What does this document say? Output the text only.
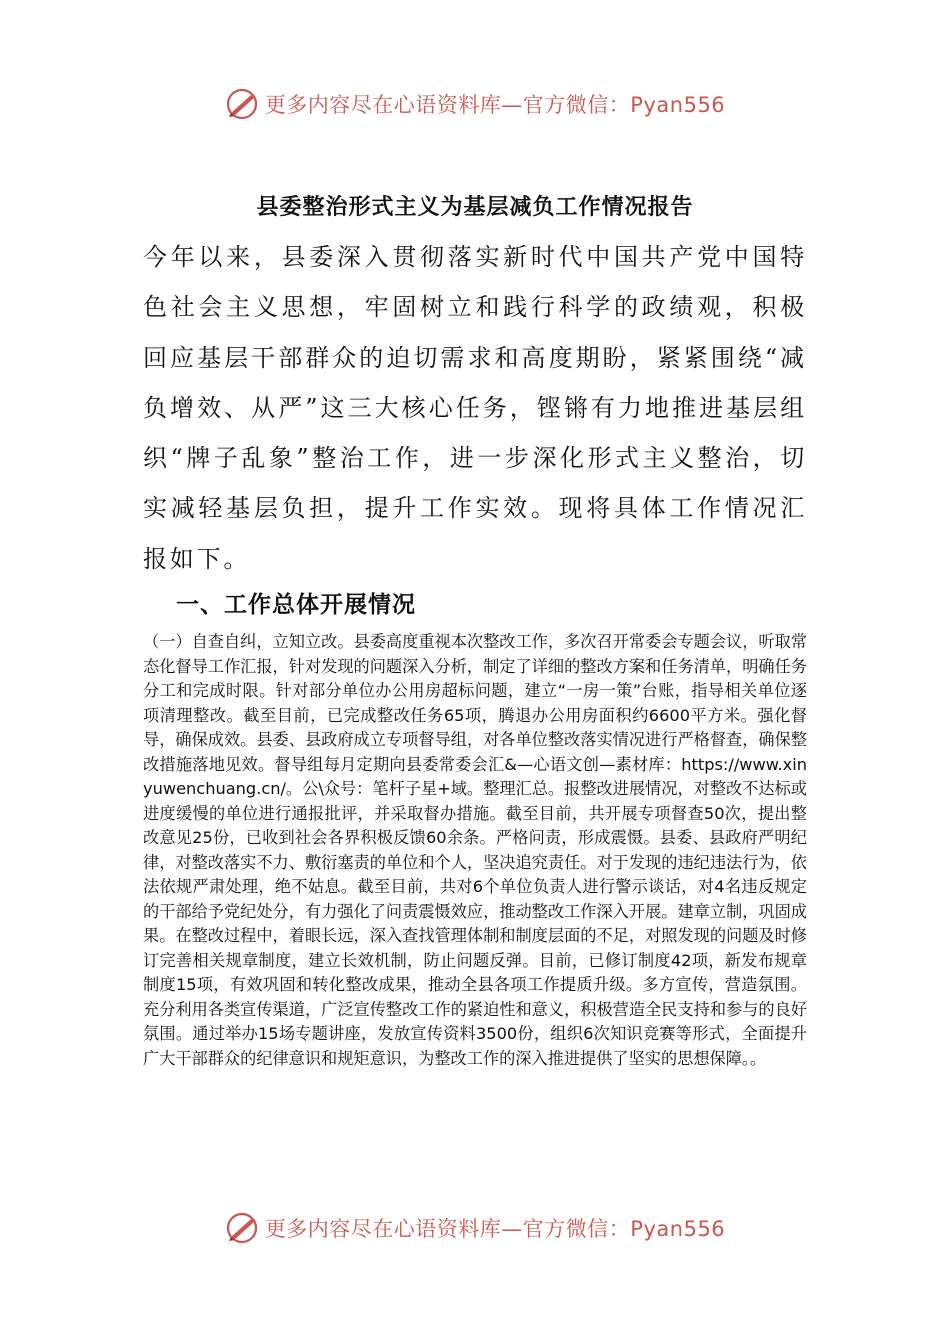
更多内容尽在心语资料库—官方微信：Pyan556
县委整治形式主义为基层减负工作情况报告

今年以来，县委深入贯彻落实新时代中国共产党中国特色社会主义思想，牢固树立和践行科学的政绩观，积极回应基层干部群众的迫切需求和高度期盼，紧紧围绕“减负增效、从严”这三大核心任务，铿锵有力地推进基层组织“牌子乱象”整治工作，进一步深化形式主义整治，切实减轻基层负担，提升工作实效。现将具体工作情况汇报如下。

一、工作总体开展情况

（一）自查自纠，立知立改。县委高度重视本次整改工作，多次召开常委会专题会议，听取常态化督导工作汇报，针对发现的问题深入分析，制定了详细的整改方案和任务清单，明确任务分工和完成时限。针对部分单位办公用房超标问题，建立“一房一策”台账，指导相关单位逐项清理整改。截至目前，已完成整改任务65项，腾退办公用房面积约6600平方米。强化督导，确保成效。县委、县政府成立专项督导组，对各单位整改落实情况进行严格督查，确保整改措施落地见效。督导组每月定期向县委常委会汇&—心语文创—素材库：https://www.xinyuwenchuang.cn/。公\众号：笔杆子星+域。整理汇总。报整改进展情况，对整改不达标或进度缓慢的单位进行通报批评，并采取督办措施。截至目前，共开展专项督查50次，提出整改意见25份，已收到社会各界积极反馈60余条。严格问责，形成震慑。县委、县政府严明纪律，对整改落实不力、敷衍塞责的单位和个人，坚决追究责任。对于发现的违纪违法行为，依法依规严肃处理，绝不姑息。截至目前，共对6个单位负责人进行警示谈话，对4名违反规定的干部给予党纪处分，有力强化了问责震慑效应，推动整改工作深入开展。建章立制，巩固成果。在整改过程中，着眼长远，深入查找管理体制和制度层面的不足，对照发现的问题及时修订完善相关规章制度，建立长效机制，防止问题反弹。目前，已修订制度42项，新发布规章制度15项，有效巩固和转化整改成果，推动全县各项工作提质升级。多方宣传，营造氛围。充分利用各类宣传渠道，广泛宣传整改工作的紧迫性和意义，积极营造全民支持和参与的良好氛围。通过举办15场专题讲座，发放宣传资料3500份，组织6次知识竞赛等形式，全面提升广大干部群众的纪律意识和规矩意识，为整改工作的深入推进提供了坚实的思想保障。。

更多内容尽在心语资料库—官方微信：Pyan556
